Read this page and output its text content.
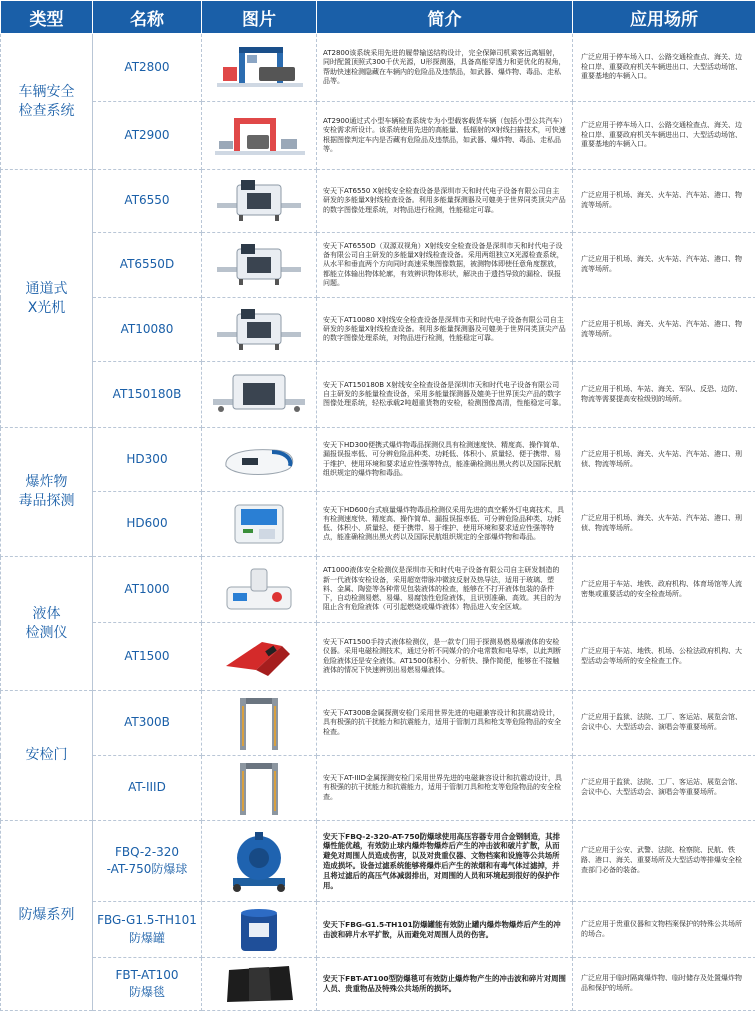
类型	名称	图片	简介	应用场所
车辆安全
检查系统	AT2800		AT2800该系统采用先进的履带输送结构设计，完全保障司机乘客远离辐射，同时配置顶照式300千伏光源，U形探测器，具备高能穿透力和更优化的视角，帮助快速检测隐藏在车辆内的危险品及违禁品，如武器、爆炸物、毒品、走私品等。	广泛应用于停车场入口、公路交通检查点、海关、边检口岸、重要政府机关车辆进出口、大型活动场馆、重要基地的车辆入口。
	AT2900		AT2900通过式小型车辆检查系统专为小型载客载货车辆（包括小型公共汽车）安检需求所设计。该系统使用先进的高能量、低辐射的X射线扫描技术，可快速根据图像判定车内是否藏有危险品及违禁品，如武器、爆炸物、毒品、走私品等。	广泛应用于停车场入口、公路交通检查点、海关、边检口岸、重要政府机关车辆进出口、大型活动场馆、重要基地的车辆入口。
通道式
X光机	AT6550		安天下AT6550 X射线安全检查设备是深圳市天和时代电子设备有限公司自主研发的多能量X射线检查设备。利用多能量探测器及可媲美于世界同类顶尖产品的数字图像处理系统，对物品进行检测，性能稳定可靠。	广泛应用于机场、海关、火车站、汽车站、港口、物流等场所。
	AT6550D		安天下AT6550D（双源双视角）X射线安全检查设备是深圳市天和时代电子设备有限公司自主研发的多能量X射线检查设备。采用两组独立X光源检查系统，从水平和垂直两个方向同时高速采集图像数据，被测物体即使任意角度摆放，都能立体输出物体轮廓，有效辨识物体形状，解决由于遗挡导致的漏检、误报问题。	广泛应用于机场、海关、火车站、汽车站、港口、物流等场所。
	AT10080		安天下AT10080 X射线安全检查设备是深圳市天和时代电子设备有限公司自主研发的多能量X射线检查设备。利用多能量探测器及可媲美于世界同类顶尖产品的数字图像处理系统，对物品进行检测，性能稳定可靠。	广泛应用于机场、海关、火车站、汽车站、港口、物流等场所。
	AT150180B		安天下AT150180B X射线安全检查设备是深圳市天和时代电子设备有限公司自主研发的多能量检查设备，采用多能量探测器及媲美于世界顶尖产品的数字图像处理系统，轻松承载2吨超重货物的安检，检测图像高清，性能稳定可靠。	广泛应用于机场、车站、海关、军队、反恐、边防、物流等需要提高安检级别的场所。
爆炸物
毒品探测	HD300		安天下HD300便携式爆炸物毒品探测仪具有检测速度快、精度高、操作简单、漏报误报率低、可分辨危险品种类、功耗低、体积小、质量轻、便于携带、易于维护、使用环境和要求适应性强等特点，能准确检测出黑火药以及国际民航组织规定的爆炸物和毒品。	广泛应用于机场、海关、火车站、汽车站、港口、刑侦、物流等场所。
	HD600		安天下HD600台式痕量爆炸物毒品检测仪采用先进的真空紫外灯电离技术，具有检测速度快、精度高、操作简单、漏报误报率低、可分辨危险品种类、功耗低、体积小、质量轻、便于携带、易于维护、使用环境和要求适应性强等特点，能准确检测出黑火药以及国际民航组织规定的全部爆炸物和毒品。	广泛应用于机场、海关、火车站、汽车站、港口、刑侦、物流等场所。
液体
检测仪	AT1000		AT1000液体安全检测仪是深圳市天和时代电子设备有限公司自主研发制造的新一代液体安检设备，采用超宽带脉冲微波反射及热导法，适用于玻璃、塑料、金属、陶瓷等各种常见包装液体的检查，能够在不打开液体包装的条件下，自动检测易燃、易爆、易腐蚀性危险液体，且识别准确、高效。其目的为阻止含有危险液体（可引起燃烧或爆炸液体）物品进入安全区域。	广泛应用于车站、地铁、政府机构、体育场馆等人流密集或重要活动的安全检查场所。
	AT1500		安天下AT1500手持式液体检测仪，是一款专门用于探测易燃易爆液体的安检仪器。采用电磁检测技术，通过分析不同媒介的介电常数和电导率，以此判断危险液体还是安全液体。AT1500体积小、分析快、操作简便，能够在不接触液体的情况下快速辨别出易燃易爆液体。	广泛应用于车站、地铁、机场、公检法政府机构、大型活动会等场所的安全检查工作。
安检门	AT300B		安天下AT300B金属探测安检门采用世界先进的电磁兼容设计和抗震动设计，具有极强的抗干扰能力和抗震能力，适用于管制刀具和枪支等危险物品的安全检查。	广泛应用于监狱、法院、工厂、客运站、展览会馆、会议中心、大型活动会、演唱会等重要场所。
	AT-IIID		安天下AT-IIID金属探测安检门采用世界先进的电磁兼容设计和抗震动设计，具有极强的抗干扰能力和抗震能力，适用于管制刀具和枪支等危险物品的安全检查。	广泛应用于监狱、法院、工厂、客运站、展览会馆、会议中心、大型活动会、演唱会等重要场所。
防爆系列	FBQ-2-320
-AT-750防爆球		安天下FBQ-2-320-AT-750防爆球使用高压容器专用合金钢制造，其排爆性能优越，有效防止球内爆炸物爆炸后产生的冲击波和破片扩散，从而避免对周围人员造成伤害，以及对贵重仪器、文物档案和设施等公共场所造成损坏。设备过滤系统能够将爆炸后产生的浓烟和有毒气体过滤掉，并且将过滤后的高压气体减弱排出，对周围的人员和环境起到很好的保护作用。	广泛应用于公安、武警、法院、检察院、民航、铁路、港口、海关、重要场所及大型活动等排爆安全检查部门必备的装备。
	FBG-G1.5-TH101
防爆罐		安天下FBG-G1.5-TH101防爆罐能有效防止罐内爆炸物爆炸后产生的冲击波和碎片水平扩散，从而避免对周围人员的伤害。	广泛应用于贵重仪器和文物档案保护的特殊公共场所的场合。
	FBT-AT100
防爆毯		安天下FBT-AT100型防爆毯可有效防止爆炸物产生的冲击波和碎片对周围人员、贵重物品及特殊公共场所的损坏。	广泛应用于临时隔离爆炸物、临时储存及处置爆炸物品和保护的场所。
